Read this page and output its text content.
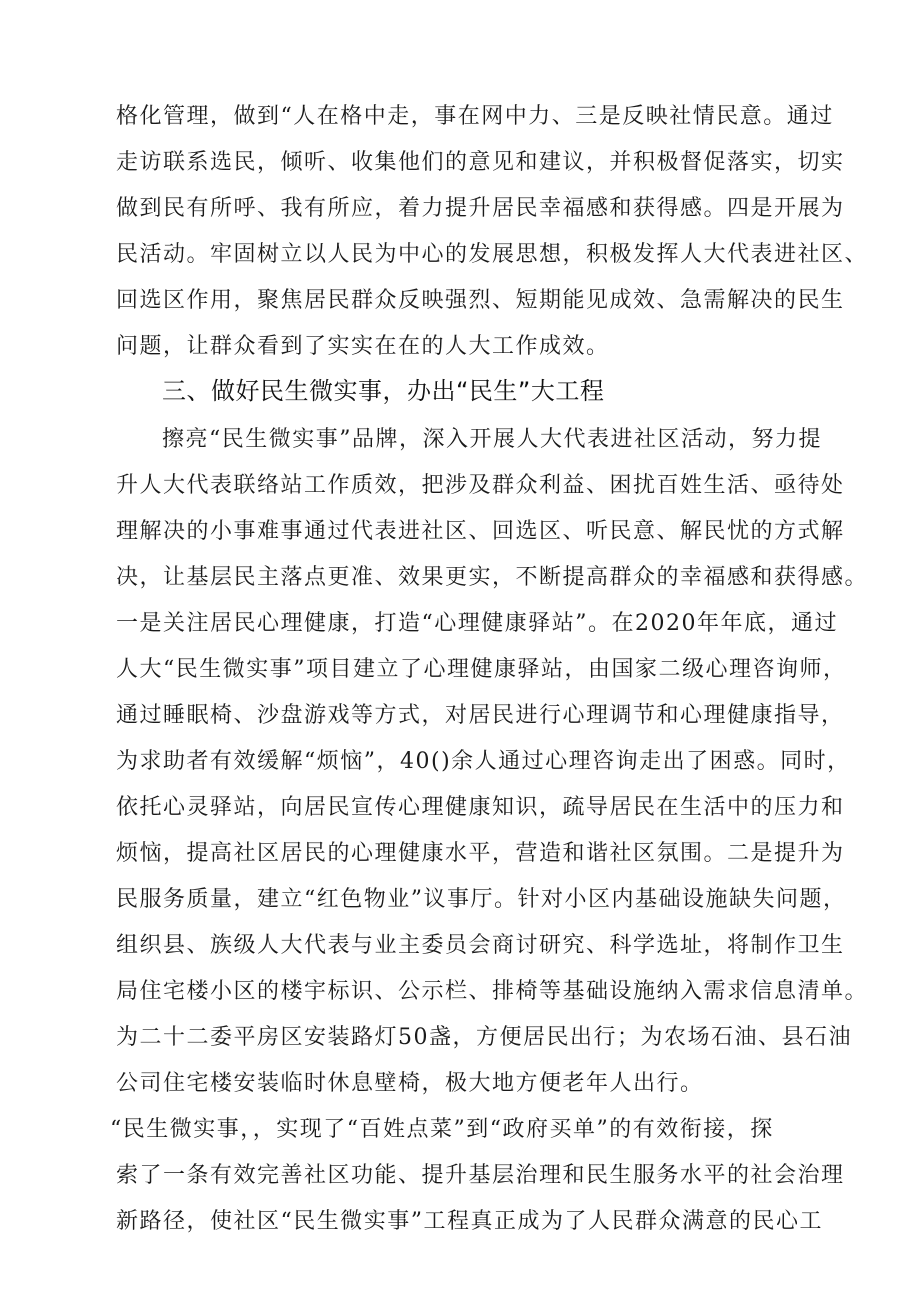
格化管理，做到“人在格中走，事在网中力、三是反映社情民意。通过
走访联系选民，倾听、收集他们的意见和建议，并积极督促落实，切实
做到民有所呼、我有所应，着力提升居民幸福感和获得感。四是开展为
民活动。牢固树立以人民为中心的发展思想，积极发挥人大代表进社区、
回选区作用，聚焦居民群众反映强烈、短期能见成效、急需解决的民生
问题，让群众看到了实实在在的人大工作成效。
三、做好民生微实事，办出“民生”大工程
擦亮“民生微实事”品牌，深入开展人大代表进社区活动，努力提
升人大代表联络站工作质效，把涉及群众利益、困扰百姓生活、亟待处
理解决的小事难事通过代表进社区、回选区、听民意、解民忧的方式解
决，让基层民主落点更准、效果更实，不断提高群众的幸福感和获得感。
一是关注居民心理健康，打造“心理健康驿站”。在2020年年底，通过
人大“民生微实事”项目建立了心理健康驿站，由国家二级心理咨询师，
通过睡眠椅、沙盘游戏等方式，对居民进行心理调节和心理健康指导，
为求助者有效缓解“烦恼”，40()余人通过心理咨询走出了困惑。同时，
依托心灵驿站，向居民宣传心理健康知识，疏导居民在生活中的压力和
烦恼，提高社区居民的心理健康水平，营造和谐社区氛围。二是提升为
民服务质量，建立“红色物业”议事厅。针对小区内基础设施缺失问题，
组织县、族级人大代表与业主委员会商讨研究、科学选址，将制作卫生
局住宅楼小区的楼宇标识、公示栏、排椅等基础设施纳入需求信息清单。
为二十二委平房区安装路灯50盏，方便居民出行；为农场石油、县石油
公司住宅楼安装临时休息壁椅，极大地方便老年人出行。
“民生微实事，，实现了“百姓点菜”到“政府买单”的有效衔接，探
索了一条有效完善社区功能、提升基层治理和民生服务水平的社会治理
新路径，使社区“民生微实事”工程真正成为了人民群众满意的民心工
